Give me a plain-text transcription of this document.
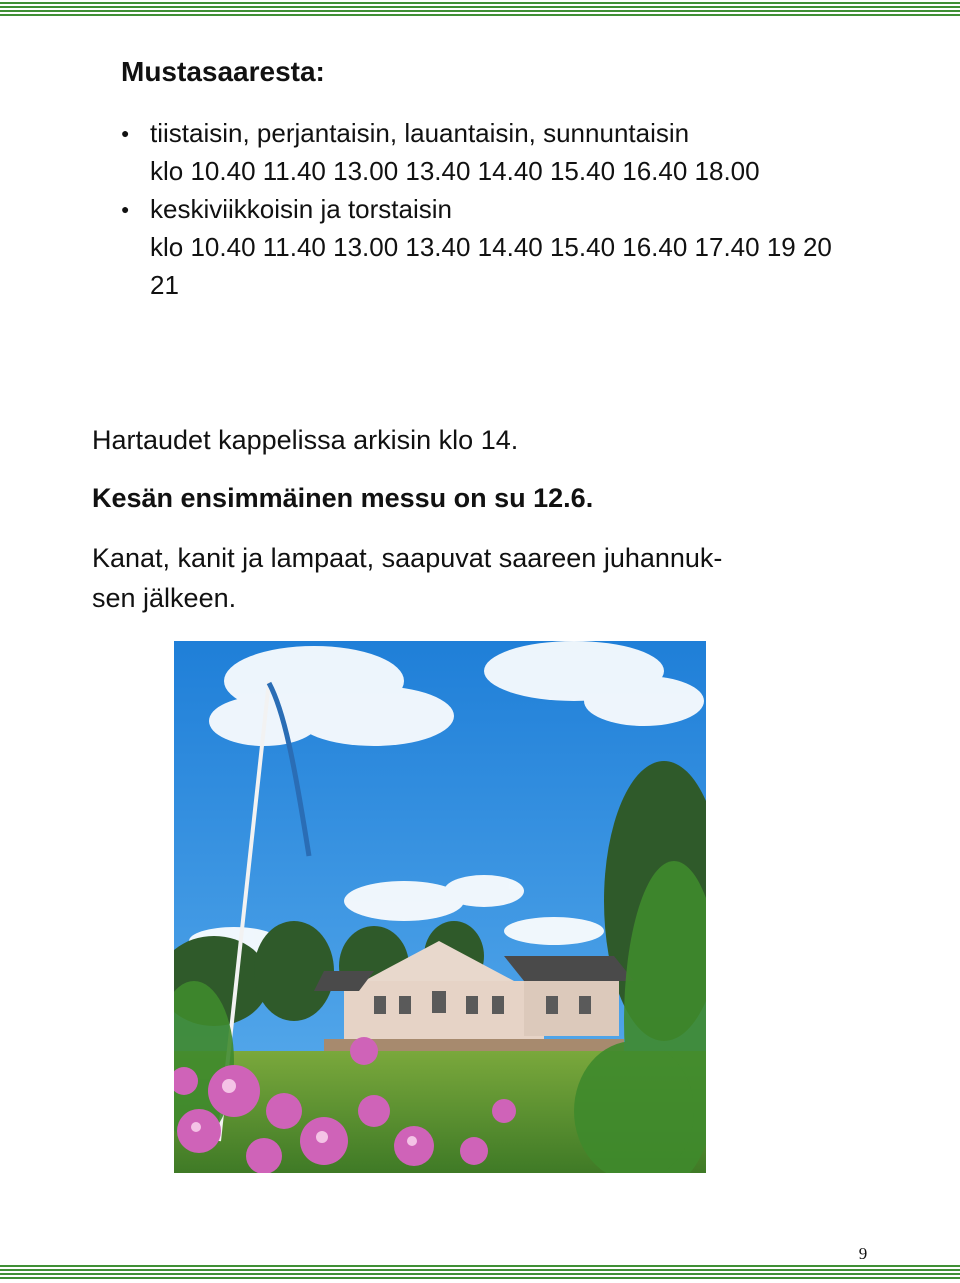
Mustasaaresta:
● tiistaisin, perjantaisin, lauantaisin, sunnuntaisin
klo 10.40 11.40 13.00 13.40 14.40 15.40 16.40 18.00
● keskiviikkoisin ja torstaisin
klo 10.40 11.40 13.00 13.40 14.40 15.40 16.40 17.40 19 20 21

Hartaudet kappelissa arkisin klo 14.

Kesän ensimmäinen messu on su 12.6.

Kanat, kanit ja lampaat, saapuvat saareen juhannuk-
sen jälkeen.

9
